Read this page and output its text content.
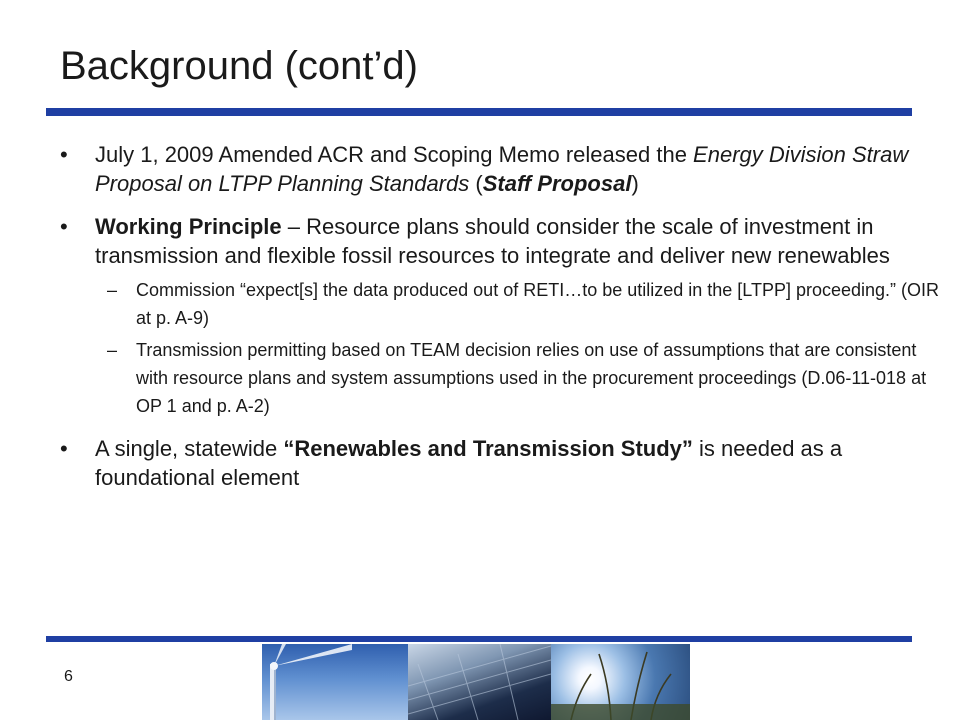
Background (cont’d)
• July 1, 2009 Amended ACR and Scoping Memo released the Energy Division Straw Proposal on LTPP Planning Standards (Staff Proposal)

• Working Principle – Resource plans should consider the scale of investment in transmission and flexible fossil resources to integrate and deliver new renewables

– Commission “expect[s] the data produced out of RETI…to be utilized in the [LTPP] proceeding.” (OIR at p. A-9)

– Transmission permitting based on TEAM decision relies on use of assumptions that are consistent with resource plans and system assumptions used in the procurement proceedings (D.06-11-018 at OP 1 and p. A-2)

• A single, statewide “Renewables and Transmission Study” is needed as a foundational element

6
